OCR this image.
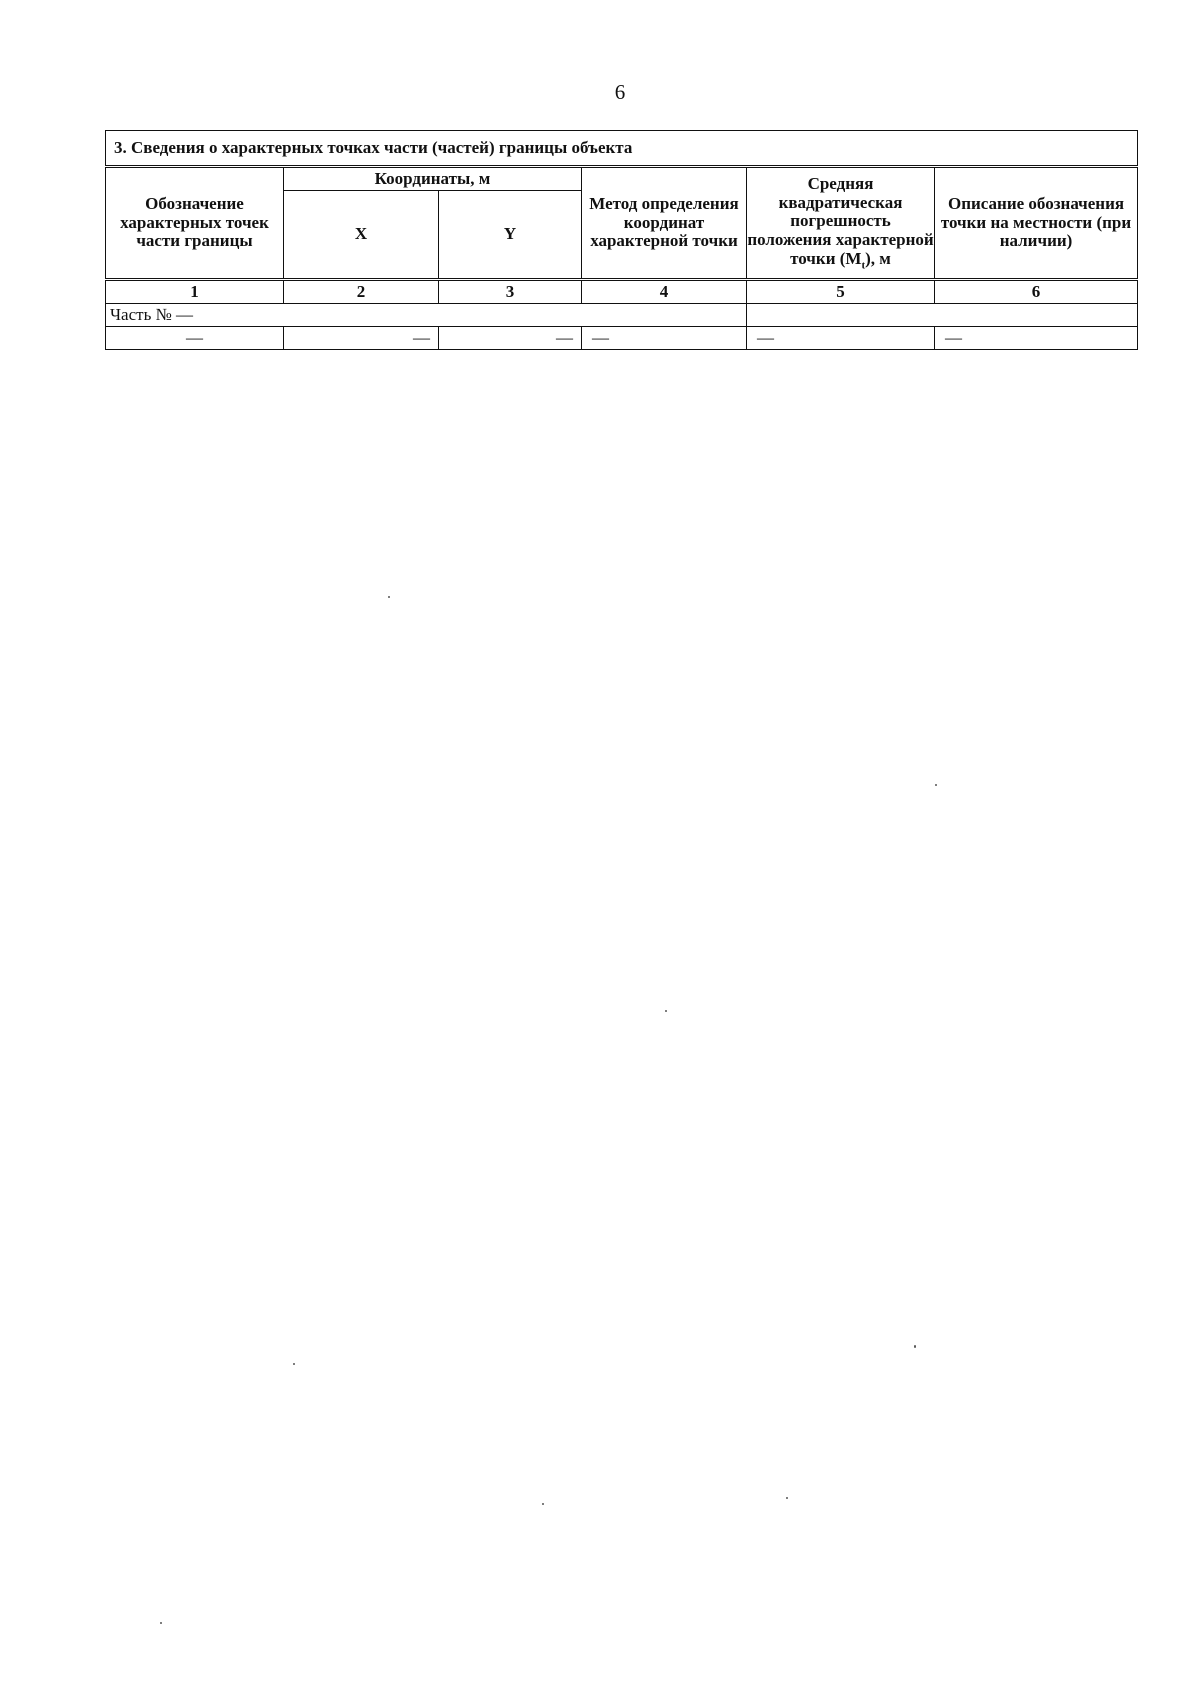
6
3. Сведения о характерных точках части (частей) границы объекта					
Обозначение характерных точек части границы	Координаты, м		Метод определения координат характерной точки	Средняя квадратическая погрешность положения характерной точки $(M_t)$, м	Описание обозначения точки на местности (при наличии)
	X	Y			
1	2	3	4	5	6
Часть № —					
—	—	—	—	—	—
